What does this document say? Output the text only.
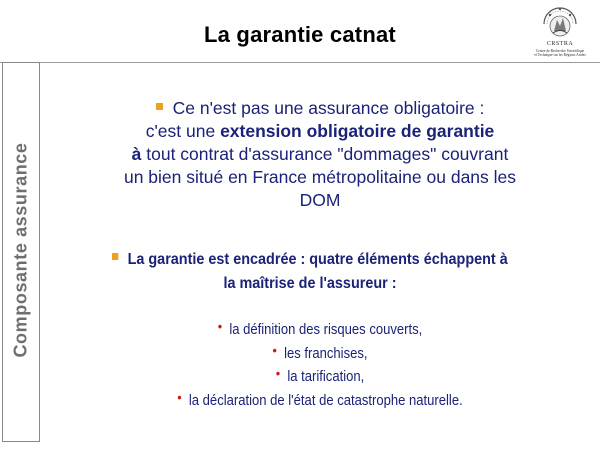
La garantie catnat	CRSTRA
Centre de Recherche Scientifique
et Technique sur les Régions Arides
Composante assurance
Ce n'est pas une assurance obligatoire :
c'est une extension obligatoire de garantie
à tout contrat d'assurance "dommages" couvrant
un bien situé en France métropolitaine ou dans les
DOM
La garantie est encadrée : quatre éléments échappent à
la maîtrise de l'assureur :
• la définition des risques couverts,
• les franchises,
• la tarification,
• la déclaration de l'état de catastrophe naturelle.
